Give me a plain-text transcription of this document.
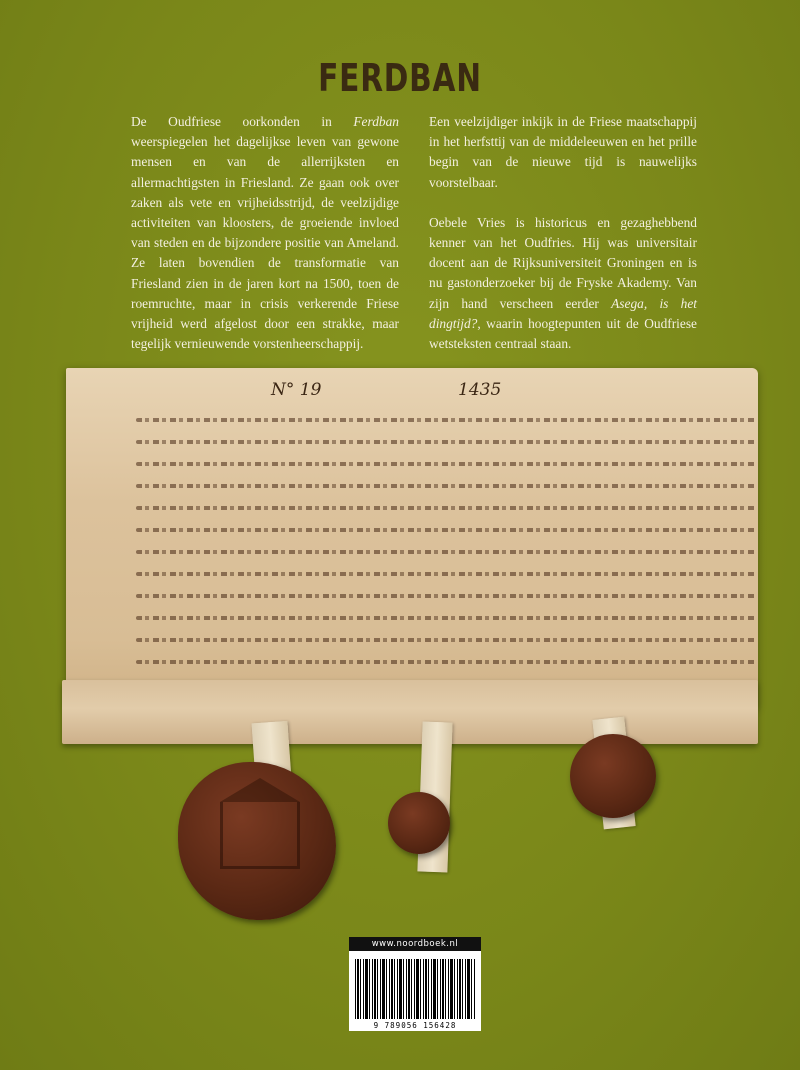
FERDBAN

De Oudfriese oorkonden in Ferdban weerspiegelen het dagelijkse leven van gewone mensen en van de allerrijksten en allermachtigsten in Friesland. Ze gaan ook over zaken als vete en vrijheidsstrijd, de veelzijdige activiteiten van kloosters, de groeiende invloed van steden en de bijzondere positie van Ameland. Ze laten bovendien de transformatie van Friesland zien in de jaren kort na 1500, toen de roemruchte, maar in crisis verkerende Friese vrijheid werd afgelost door een strakke, maar tegelijk vernieuwende vorstenheerschappij.

Een veelzijdiger inkijk in de Friese maatschappij in het herfsttij van de middeleeuwen en het prille begin van de nieuwe tijd is nauwelijks voorstelbaar.

Oebele Vries is historicus en gezaghebbend kenner van het Oudfries. Hij was universitair docent aan de Rijksuniversiteit Groningen en is nu gastonderzoeker bij de Fryske Akademy. Van zijn hand verscheen eerder Asega, is het dingtijd?, waarin hoogtepunten uit de Oudfriese wetsteksten centraal staan.

N° 19	1435
www.noordboek.nl
9 789056 156428
